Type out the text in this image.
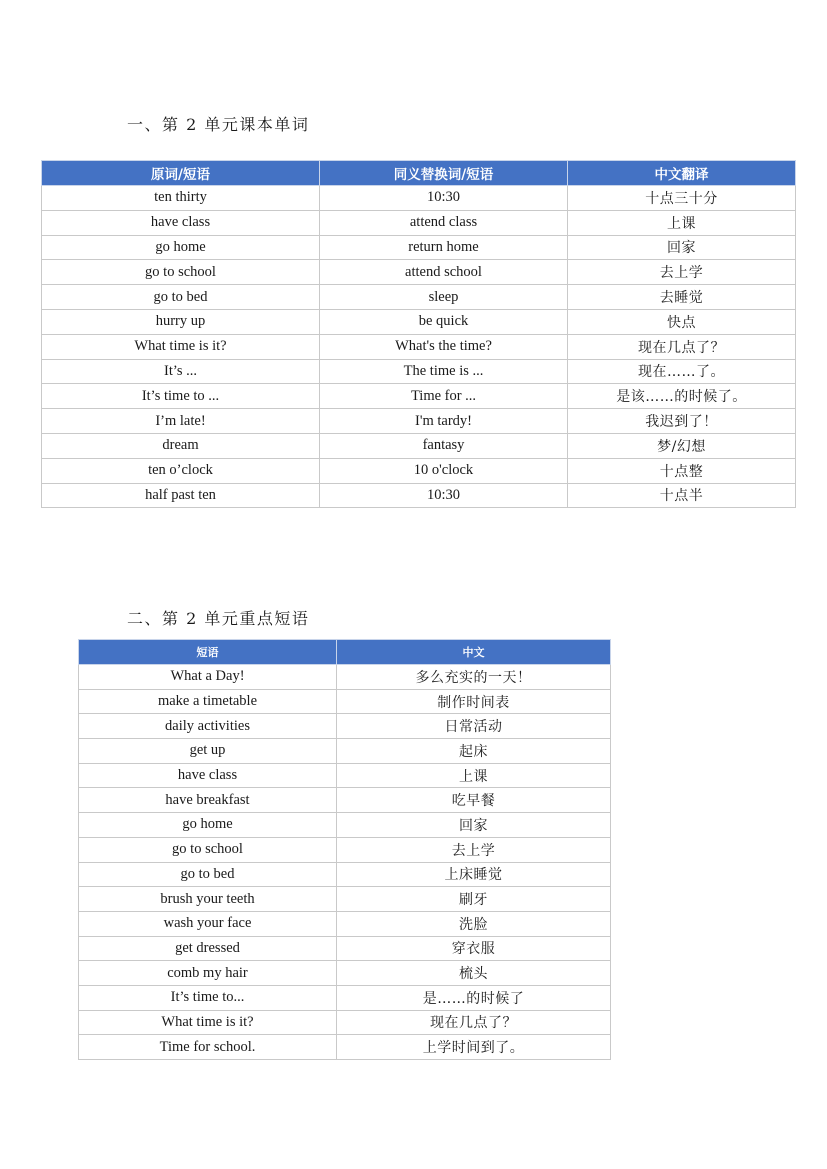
一、第 2 单元课本单词
原词/短语	同义替换词/短语	中文翻译
ten thirty	10:30	十点三十分
have class	attend class	上课
go home	return home	回家
go to school	attend school	去上学
go to bed	sleep	去睡觉
hurry up	be quick	快点
What time is it?	What's the time?	现在几点了？
It’s ...	The time is ...	现在……了。
It’s time to ...	Time for ...	是该……的时候了。
I’m late!	I'm tardy!	我迟到了！
dream	fantasy	梦/幻想
ten o’clock	10 o'clock	十点整
half past ten	10:30	十点半
二、第 2 单元重点短语
短语	中文
What a Day!	多么充实的一天！
make a timetable	制作时间表
daily activities	日常活动
get up	起床
have class	上课
have breakfast	吃早餐
go home	回家
go to school	去上学
go to bed	上床睡觉
brush your teeth	刷牙
wash your face	洗脸
get dressed	穿衣服
comb my hair	梳头
It’s time to...	是……的时候了
What time is it?	现在几点了？
Time for school.	上学时间到了。
